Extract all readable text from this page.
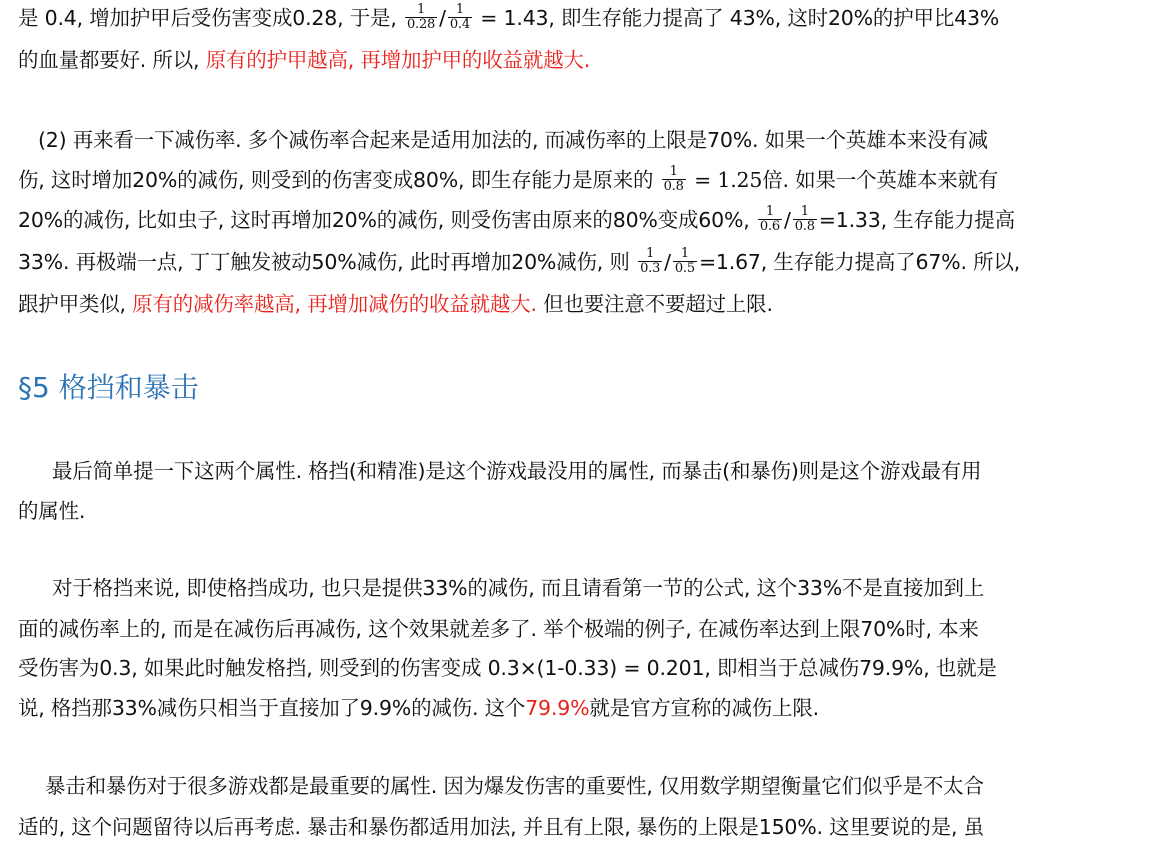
是 0.4, 增加护甲后受伤害变成0.28, 于是, $\frac{1}{0.28} / \frac{1}{0.4} = 1.43$, 即生存能力提高了 43%, 这时20%的护甲比43%
的血量都要好. 所以, 原有的护甲越高, 再增加护甲的收益就越大.
(2) 再来看一下减伤率. 多个减伤率合起来是适用加法的, 而减伤率的上限是70%. 如果一个英雄本来没有减
伤, 这时增加20%的减伤, 则受到的伤害变成80%, 即生存能力是原来的 $\frac{1}{0.8} = 1.25$倍. 如果一个英雄本来就有
20%的减伤, 比如虫子, 这时再增加20%的减伤, 则受伤害由原来的80%变成60%, $\frac{1}{0.6} / \frac{1}{0.8} =1.33$, 生存能力提高
33%. 再极端一点, 丁丁触发被动50%减伤, 此时再增加20%减伤, 则 $\frac{1}{0.3} / \frac{1}{0.5} =1.67$, 生存能力提高了67%. 所以,
跟护甲类似, 原有的减伤率越高, 再增加减伤的收益就越大. 但也要注意不要超过上限.
§5 格挡和暴击
最后简单提一下这两个属性. 格挡(和精准)是这个游戏最没用的属性, 而暴击(和暴伤)则是这个游戏最有用
的属性.
对于格挡来说, 即使格挡成功, 也只是提供33%的减伤, 而且请看第一节的公式, 这个33%不是直接加到上
面的减伤率上的, 而是在减伤后再减伤, 这个效果就差多了. 举个极端的例子, 在减伤率达到上限70%时, 本来
受伤害为0.3, 如果此时触发格挡, 则受到的伤害变成 0.3×(1-0.33) = 0.201, 即相当于总减伤79.9%, 也就是
说, 格挡那33%减伤只相当于直接加了9.9%的减伤. 这个79.9%就是官方宣称的减伤上限.
暴击和暴伤对于很多游戏都是最重要的属性. 因为爆发伤害的重要性, 仅用数学期望衡量它们似乎是不太合
适的, 这个问题留待以后再考虑. 暴击和暴伤都适用加法, 并且有上限, 暴伤的上限是150%. 这里要说的是, 虽
